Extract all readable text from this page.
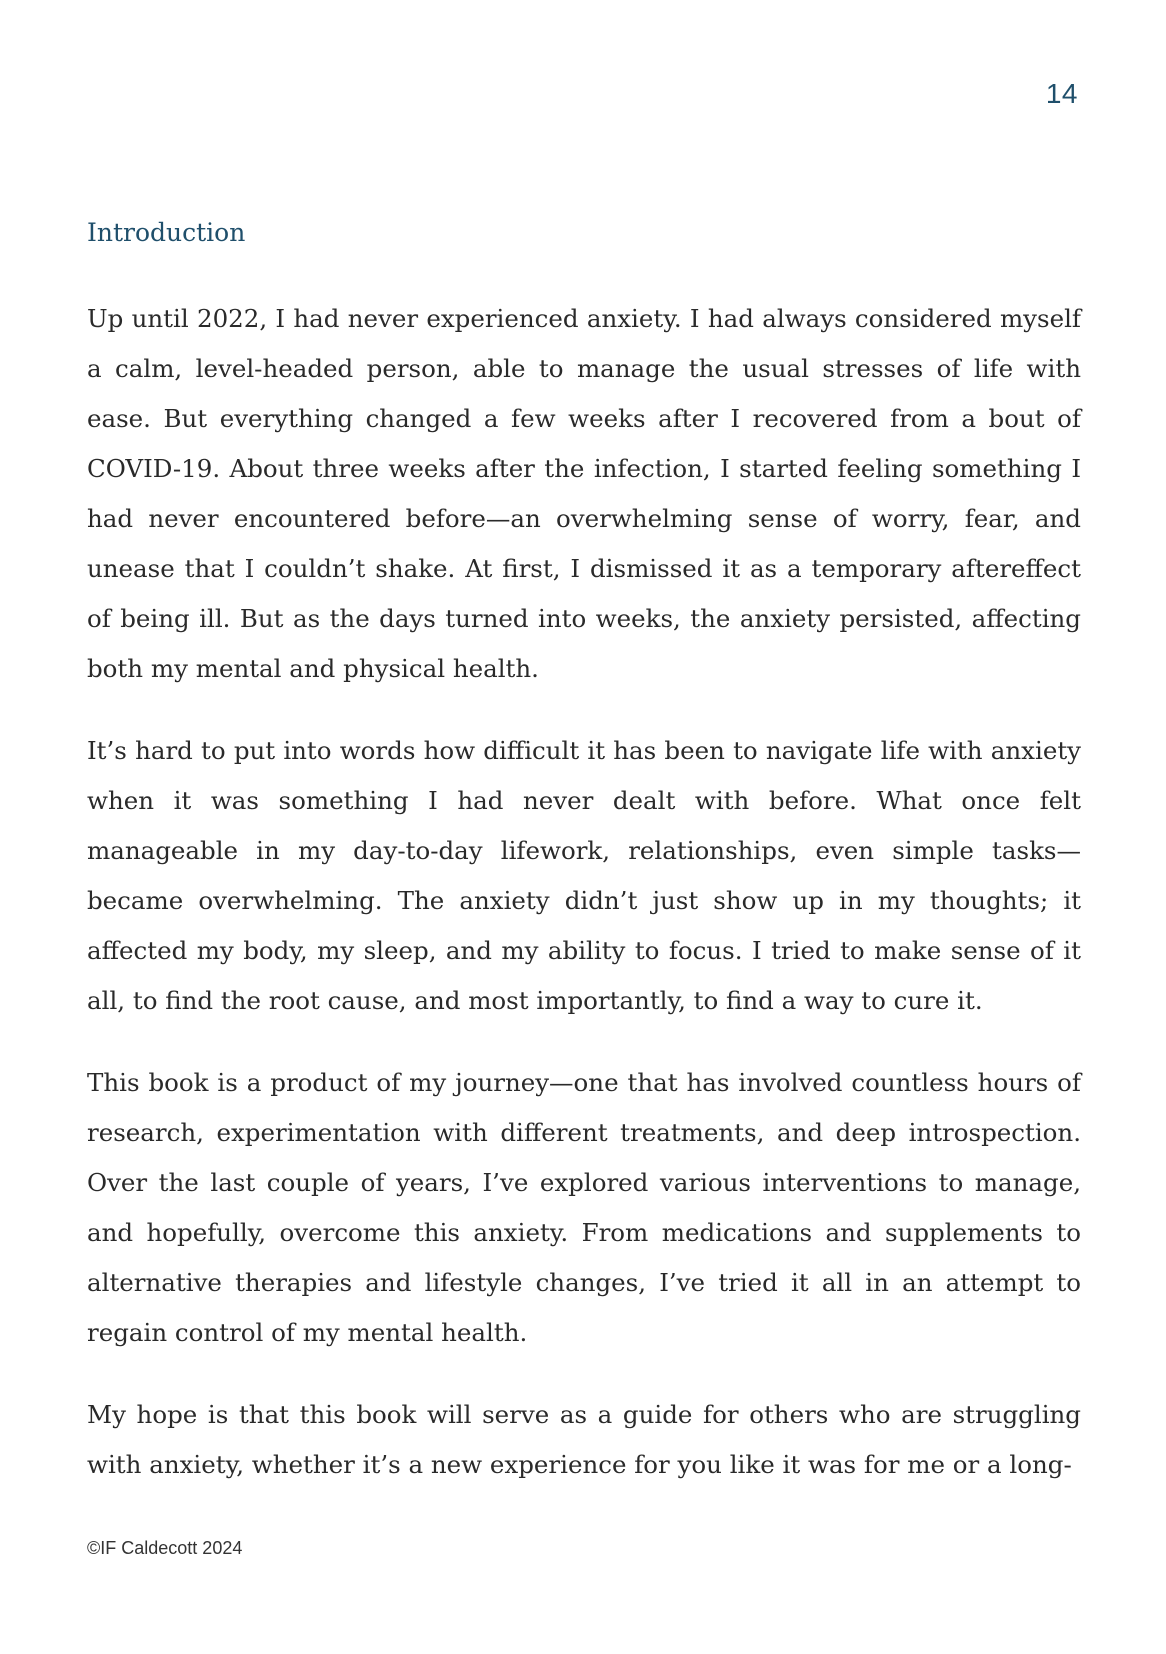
14
Introduction

Up until 2022, I had never experienced anxiety. I had always considered myself a calm, level-headed person, able to manage the usual stresses of life with ease. But everything changed a few weeks after I recovered from a bout of COVID-19. About three weeks after the infection, I started feeling something I had never encountered before—an overwhelming sense of worry, fear, and unease that I couldn’t shake. At first, I dismissed it as a temporary aftereffect of being ill. But as the days turned into weeks, the anxiety persisted, affecting both my mental and physical health.

It’s hard to put into words how difficult it has been to navigate life with anxiety when it was something I had never dealt with before. What once felt manageable in my day-to-day lifework, relationships, even simple tasks—became overwhelming. The anxiety didn’t just show up in my thoughts; it affected my body, my sleep, and my ability to focus. I tried to make sense of it all, to find the root cause, and most importantly, to find a way to cure it.

This book is a product of my journey—one that has involved countless hours of research, experimentation with different treatments, and deep introspection. Over the last couple of years, I’ve explored various interventions to manage, and hopefully, overcome this anxiety. From medications and supplements to alternative therapies and lifestyle changes, I’ve tried it all in an attempt to regain control of my mental health.

My hope is that this book will serve as a guide for others who are struggling with anxiety, whether it’s a new experience for you like it was for me or a long-

©IF Caldecott 2024
